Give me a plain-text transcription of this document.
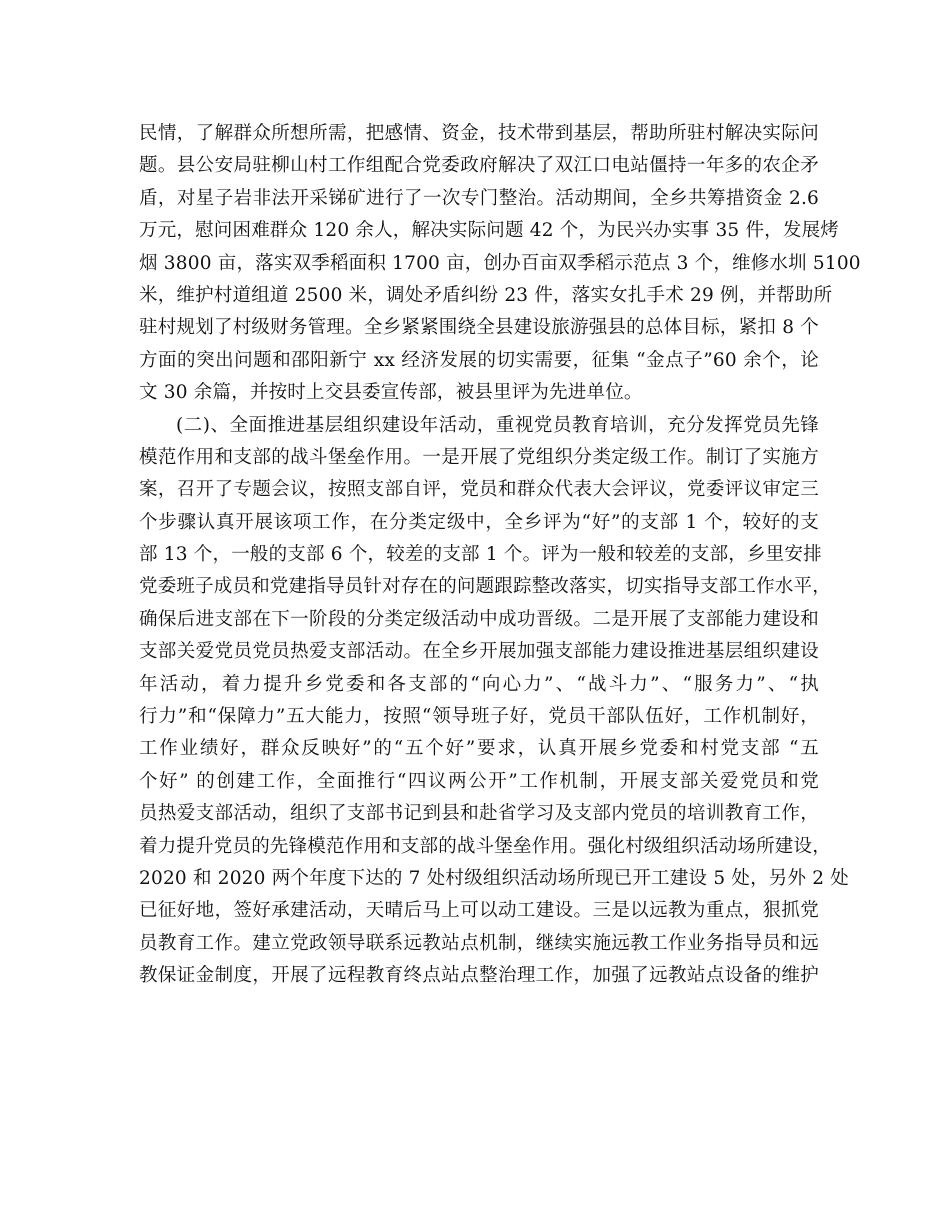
民情，了解群众所想所需，把感情、资金，技术带到基层，帮助所驻村解决实际问
题。县公安局驻柳山村工作组配合党委政府解决了双江口电站僵持一年多的农企矛
盾，对星子岩非法开采锑矿进行了一次专门整治。活动期间，全乡共筹措资金 2.6
万元，慰问困难群众 120 余人，解决实际问题 42 个，为民兴办实事 35 件，发展烤
烟 3800 亩，落实双季稻面积 1700 亩，创办百亩双季稻示范点 3 个，维修水圳 5100
米，维护村道组道 2500 米，调处矛盾纠纷 23 件，落实女扎手术 29 例，并帮助所
驻村规划了村级财务管理。全乡紧紧围绕全县建设旅游强县的总体目标，紧扣 8 个
方面的突出问题和邵阳新宁 xx 经济发展的切实需要，征集 “金点子”60 余个，论
文 30 余篇，并按时上交县委宣传部，被县里评为先进单位。
(二)、全面推进基层组织建设年活动，重视党员教育培训，充分发挥党员先锋
模范作用和支部的战斗堡垒作用。一是开展了党组织分类定级工作。制订了实施方
案，召开了专题会议，按照支部自评，党员和群众代表大会评议，党委评议审定三
个步骤认真开展该项工作，在分类定级中，全乡评为“好”的支部 1 个，较好的支
部 13 个，一般的支部 6 个，较差的支部 1 个。评为一般和较差的支部，乡里安排
党委班子成员和党建指导员针对存在的问题跟踪整改落实，切实指导支部工作水平，
确保后进支部在下一阶段的分类定级活动中成功晋级。二是开展了支部能力建设和
支部关爱党员党员热爱支部活动。在全乡开展加强支部能力建设推进基层组织建设
年活动，着力提升乡党委和各支部的“向心力”、“战斗力”、“服务力”、“执
行力”和“保障力”五大能力，按照“领导班子好，党员干部队伍好，工作机制好，
工作业绩好，群众反映好”的“五个好”要求，认真开展乡党委和村党支部 “五
个好” 的创建工作，全面推行“四议两公开”工作机制，开展支部关爱党员和党
员热爱支部活动，组织了支部书记到县和赴省学习及支部内党员的培训教育工作，
着力提升党员的先锋模范作用和支部的战斗堡垒作用。强化村级组织活动场所建设，
2020 和 2020 两个年度下达的 7 处村级组织活动场所现已开工建设 5 处，另外 2 处
已征好地，签好承建活动，天晴后马上可以动工建设。三是以远教为重点，狠抓党
员教育工作。建立党政领导联系远教站点机制，继续实施远教工作业务指导员和远
教保证金制度，开展了远程教育终点站点整治理工作，加强了远教站点设备的维护
